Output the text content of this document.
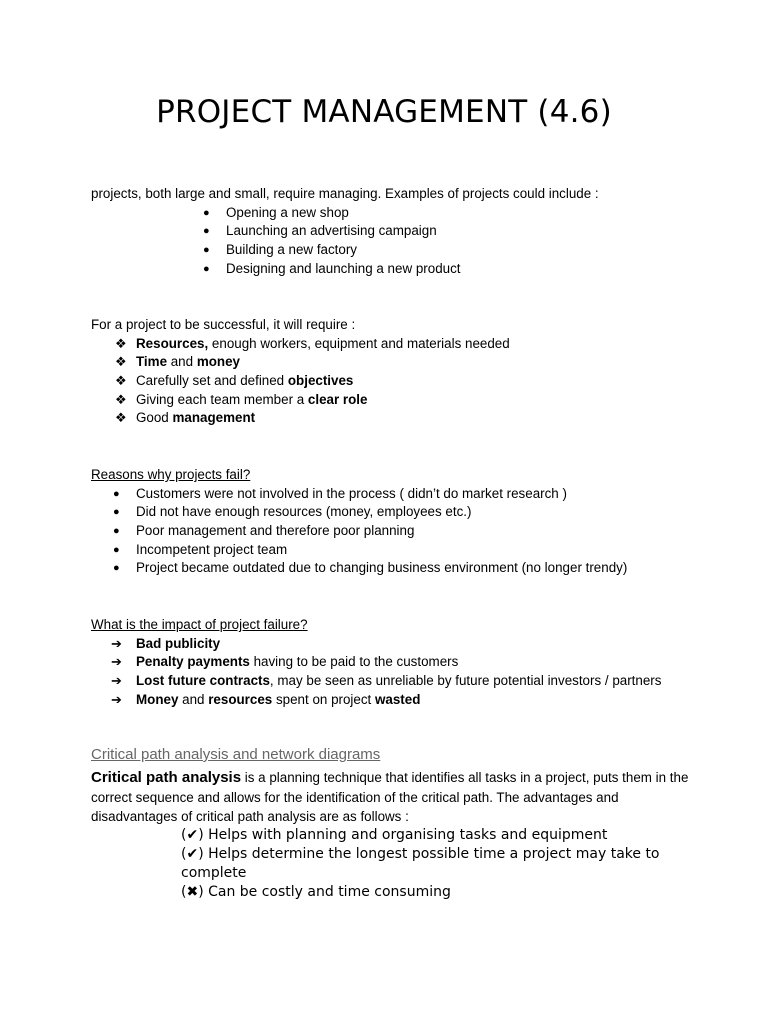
PROJECT MANAGEMENT (4.6)
projects, both large and small, require managing. Examples of projects could include :
● Opening a new shop
● Launching an advertising campaign
● Building a new factory
● Designing and launching a new product
For a project to be successful, it will require :
❖ Resources, enough workers, equipment and materials needed
❖ Time and money
❖ Carefully set and defined objectives
❖ Giving each team member a clear role
❖ Good management
Reasons why projects fail?
● Customers were not involved in the process ( didn’t do market research )
● Did not have enough resources (money, employees etc.)
● Poor management and therefore poor planning
● Incompetent project team
● Project became outdated due to changing business environment (no longer trendy)
What is the impact of project failure?
➔ Bad publicity
➔ Penalty payments having to be paid to the customers
➔ Lost future contracts, may be seen as unreliable by future potential investors / partners
➔ Money and resources spent on project wasted
Critical path analysis and network diagrams
Critical path analysis is a planning technique that identifies all tasks in a project, puts them in the correct sequence and allows for the identification of the critical path. The advantages and disadvantages of critical path analysis are as follows :
(✔) Helps with planning and organising tasks and equipment
(✔) Helps determine the longest possible time a project may take to complete
(✖) Can be costly and time consuming
